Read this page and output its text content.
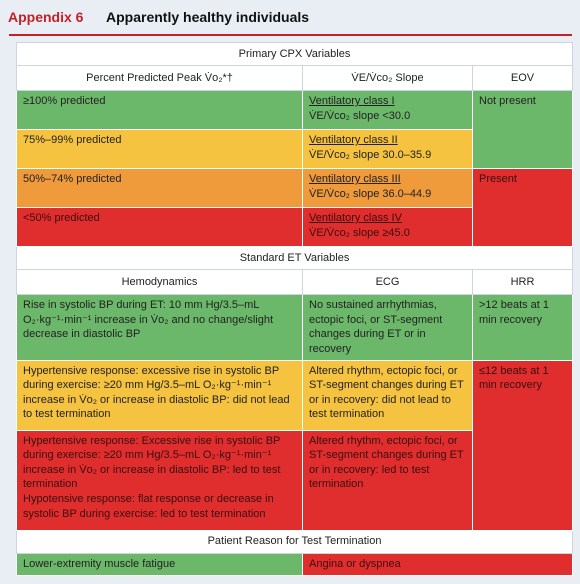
Appendix 6 Apparently healthy individuals
Primary CPX Variables		
Percent Predicted Peak V̇o₂*†	V̇E/V̇co₂ Slope	EOV
≥100% predicted	Ventilatory class I
V̇E/V̇co₂ slope <30.0	Not present
75%–99% predicted	Ventilatory class II
V̇E/V̇co₂ slope 30.0–35.9	

50%–74% predicted	Ventilatory class III
V̇E/V̇co₂ slope 36.0–44.9	Present
<50% predicted	Ventilatory class IV
V̇E/V̇co₂ slope ≥45.0	

Standard ET Variables		
Hemodynamics	ECG	HRR
Rise in systolic BP during ET: 10 mm Hg/3.5–mL O₂·kg⁻¹·min⁻¹ increase in V̇o₂ and no change/slight decrease in diastolic BP	No sustained arrhythmias, ectopic foci, or ST-segment changes during ET or in recovery	>12 beats at 1 min recovery
Hypertensive response: excessive rise in systolic BP during exercise: ≥20 mm Hg/3.5–mL O₂·kg⁻¹·min⁻¹ increase in V̇o₂ or increase in diastolic BP: did not lead to test termination	Altered rhythm, ectopic foci, or ST-segment changes during ET or in recovery: did not lead to test termination	≤12 beats at 1 min recovery

Hypertensive response: Excessive rise in systolic BP during exercise: ≥20 mm Hg/3.5–mL O₂·kg⁻¹·min⁻¹ increase in V̇o₂ or increase in diastolic BP: led to test termination
Hypotensive response: flat response or decrease in systolic BP during exercise: led to test termination	Altered rhythm, ectopic foci, or ST-segment changes during ET or in recovery: led to test termination	
Patient Reason for Test Termination		
Lower-extremity muscle fatigue	Angina or dyspnea	
